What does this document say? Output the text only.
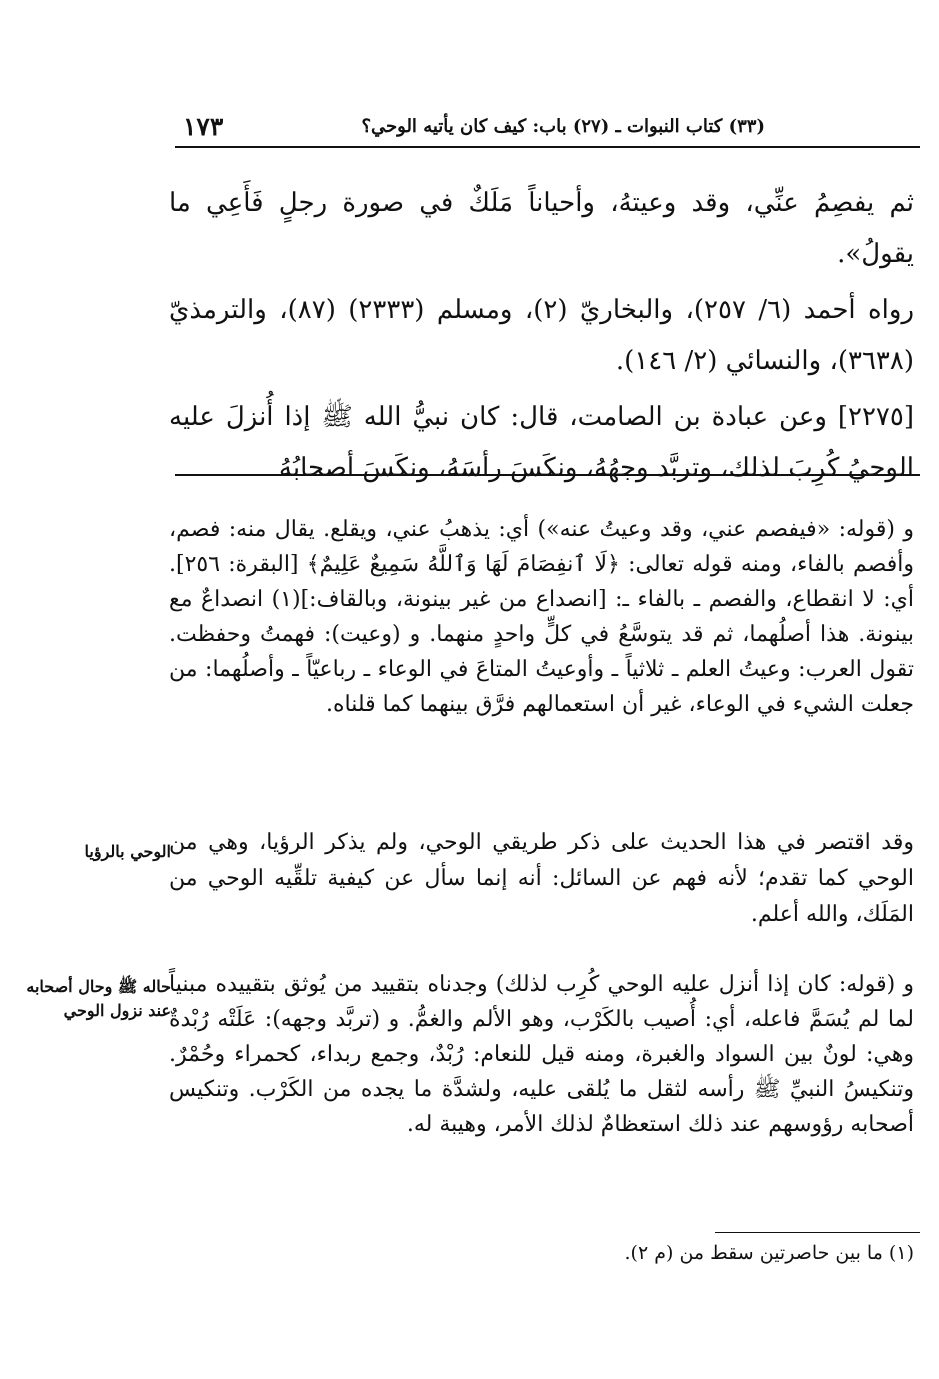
(٣٣) كتاب النبوات ـ (٢٧) باب: كيف كان يأتيه الوحي؟
١٧٣

ثم يفصِمُ عنِّي، وقد وعيتهُ، وأحياناً مَلَكٌ في صورة رجلٍ فَأَعِي ما يقولُ».

رواه أحمد (٦/ ٢٥٧)، والبخاريّ (٢)، ومسلم (٢٣٣٣) (٨٧)، والترمذيّ (٣٦٣٨)، والنسائي (٢/ ١٤٦).

[٢٢٧٥] وعن عبادة بن الصامت، قال: كان نبيُّ الله ﷺ إذا أُنزلَ عليه الوحيُ كُرِبَ لذلك، وتربَّد وجهُهُ، ونكَسَ رأسَهُ، ونكَسَ أصحابُهُ

و (قوله: «فيفصم عني، وقد وعيتُ عنه») أي: يذهبُ عني، ويقلع. يقال منه: فصم، وأفصم بالفاء، ومنه قوله تعالى: ﴿لَا ٱنفِصَامَ لَهَا وَٱللَّهُ سَمِيعٌ عَلِيمٌ﴾ [البقرة: ٢٥٦]. أي: لا انقطاع، والفصم ـ بالفاء ـ: [انصداع من غير بينونة، وبالقاف:](١) انصداعٌ مع بينونة. هذا أصلُهما، ثم قد يتوسَّعُ في كلٍّ واحدٍ منهما. و (وعيت): فهمتُ وحفظت. تقول العرب: وعيتُ العلم ـ ثلاثياً ـ وأوعيتُ المتاعَ في الوعاء ـ رباعيّاً ـ وأصلُهما: من جعلت الشيء في الوعاء، غير أن استعمالهم فرَّق بينهما كما قلناه.

وقد اقتصر في هذا الحديث على ذكر طريقي الوحي، ولم يذكر الرؤيا، وهي من الوحي كما تقدم؛ لأنه فهم عن السائل: أنه إنما سأل عن كيفية تلقِّيه الوحي من المَلَك، والله أعلم.

الوحي بالرؤيا

و (قوله: كان إذا أنزل عليه الوحي كُرِب لذلك) وجدناه بتقييد من يُوثق بتقييده مبنياً لما لم يُسَمَّ فاعله، أي: أُصيب بالكَرْب، وهو الألم والغمُّ. و (تربَّد وجهه): عَلَتْه رُبْدةٌ وهي: لونٌ بين السواد والغبرة، ومنه قيل للنعام: رُبْدٌ، وجمع ربداء، كحمراء وحُمْرٌ. وتنكيسُ النبيِّ ﷺ رأسه لثقل ما يُلقى عليه، ولشدَّة ما يجده من الكَرْب. وتنكيس أصحابه رؤوسهم عند ذلك استعظامٌ لذلك الأمر، وهيبة له.

حاله ﷺ وحال أصحابه عند نزول الوحي
(١) ما بين حاصرتين سقط من (م ٢).
